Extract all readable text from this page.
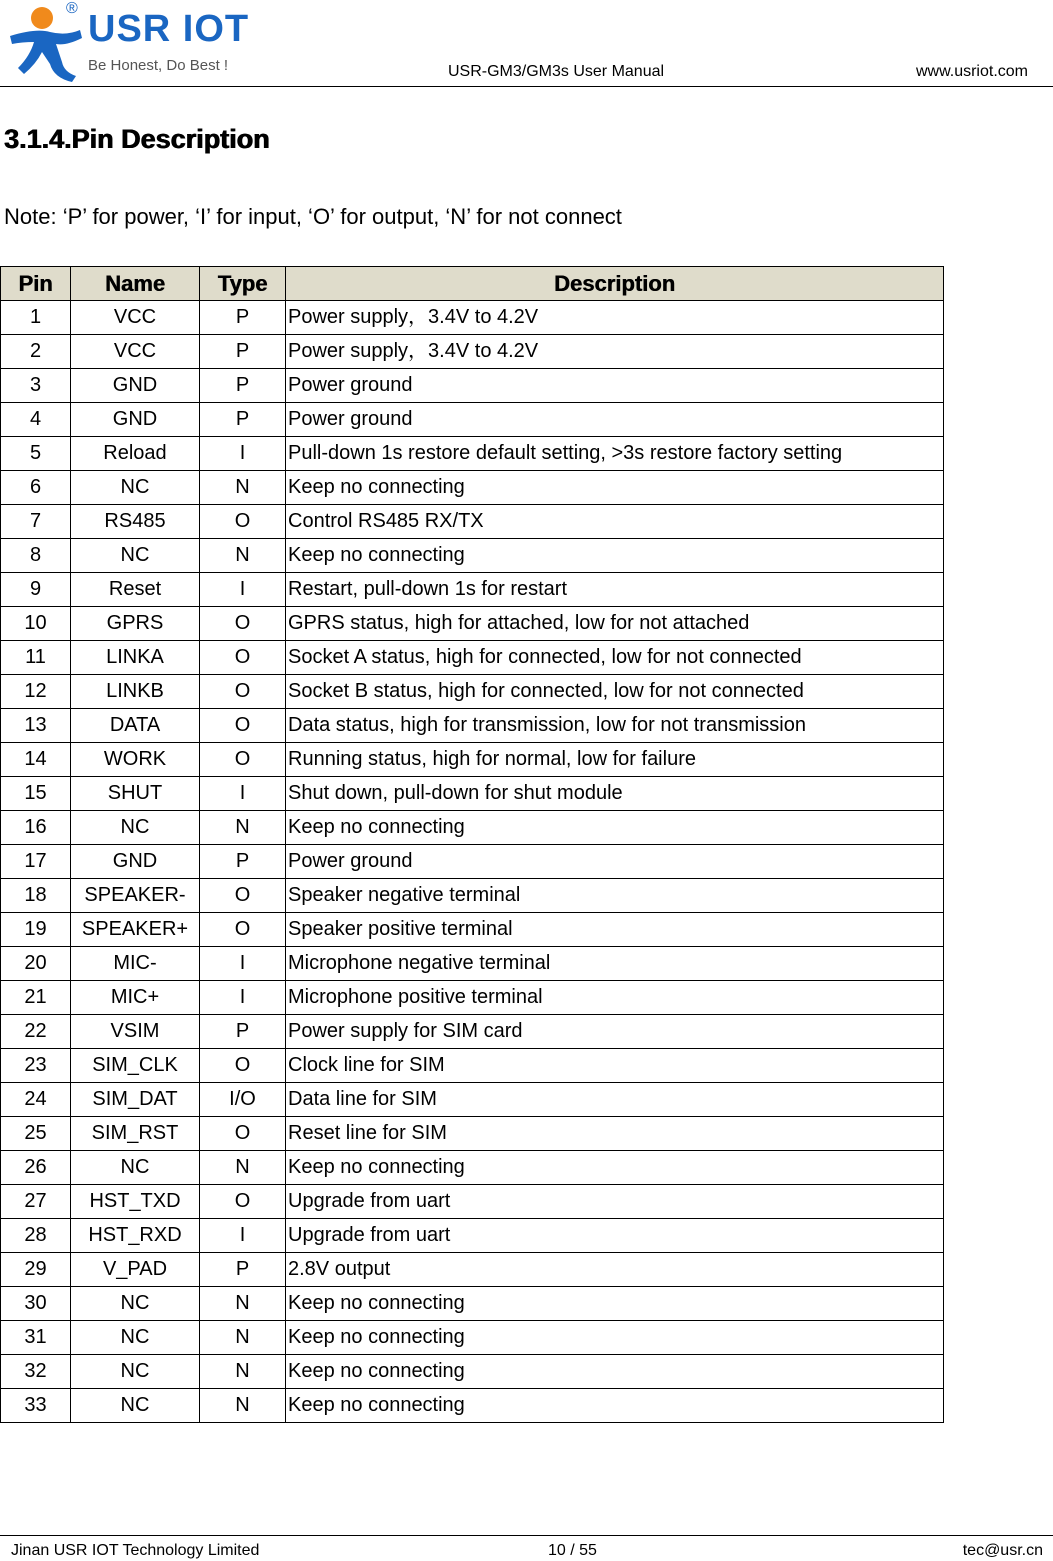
® USR IOT
Be Honest, Do Best !	USR-GM3/GM3s User Manual	www.usriot.com
3.1.4.Pin Description
Note: ‘P’ for power, ‘I’ for input, ‘O’ for output, ‘N’ for not connect
Pin	Name	Type	Description
1	VCC	P	Power supply，3.4V to 4.2V
2	VCC	P	Power supply，3.4V to 4.2V
3	GND	P	Power ground
4	GND	P	Power ground
5	Reload	I	Pull-down 1s restore default setting, >3s restore factory setting
6	NC	N	Keep no connecting
7	RS485	O	Control RS485 RX/TX
8	NC	N	Keep no connecting
9	Reset	I	Restart, pull-down 1s for restart
10	GPRS	O	GPRS status, high for attached, low for not attached
11	LINKA	O	Socket A status, high for connected, low for not connected
12	LINKB	O	Socket B status, high for connected, low for not connected
13	DATA	O	Data status, high for transmission, low for not transmission
14	WORK	O	Running status, high for normal, low for failure
15	SHUT	I	Shut down, pull-down for shut module
16	NC	N	Keep no connecting
17	GND	P	Power ground
18	SPEAKER-	O	Speaker negative terminal
19	SPEAKER+	O	Speaker positive terminal
20	MIC-	I	Microphone negative terminal
21	MIC+	I	Microphone positive terminal
22	VSIM	P	Power supply for SIM card
23	SIM_CLK	O	Clock line for SIM
24	SIM_DAT	I/O	Data line for SIM
25	SIM_RST	O	Reset line for SIM
26	NC	N	Keep no connecting
27	HST_TXD	O	Upgrade from uart
28	HST_RXD	I	Upgrade from uart
29	V_PAD	P	2.8V output
30	NC	N	Keep no connecting
31	NC	N	Keep no connecting
32	NC	N	Keep no connecting
33	NC	N	Keep no connecting
Jinan USR IOT Technology Limited	10 / 55	tec@usr.cn
